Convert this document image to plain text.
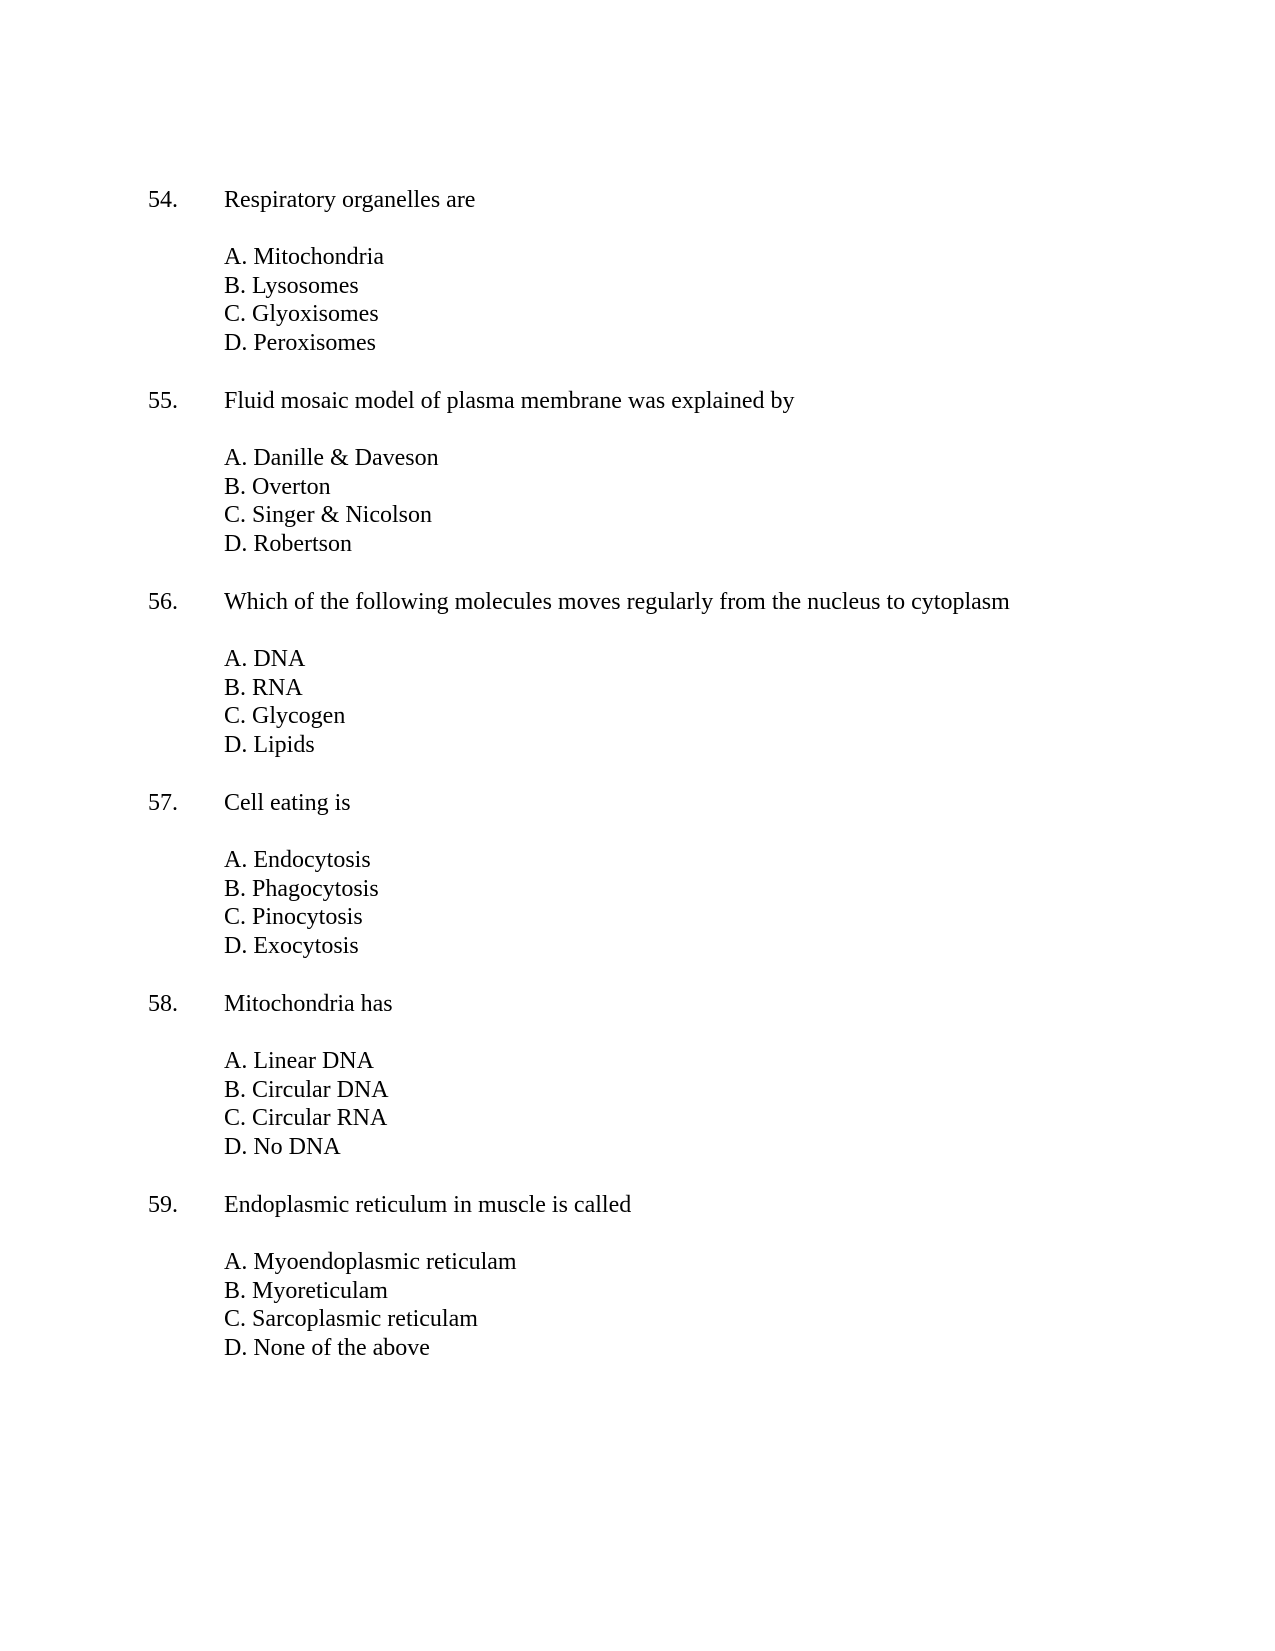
54. Respiratory organelles are
A. Mitochondria
B. Lysosomes
C. Glyoxisomes
D. Peroxisomes
55. Fluid mosaic model of plasma membrane was explained by
A. Danille & Daveson
B. Overton
C. Singer & Nicolson
D. Robertson
56. Which of the following molecules moves regularly from the nucleus to cytoplasm
A. DNA
B. RNA
C. Glycogen
D. Lipids
57. Cell eating is
A. Endocytosis
B. Phagocytosis
C. Pinocytosis
D. Exocytosis
58. Mitochondria has
A. Linear DNA
B. Circular DNA
C. Circular RNA
D. No DNA
59. Endoplasmic reticulum in muscle is called
A. Myoendoplasmic reticulam
B. Myoreticulam
C. Sarcoplasmic reticulam
D. None of the above
